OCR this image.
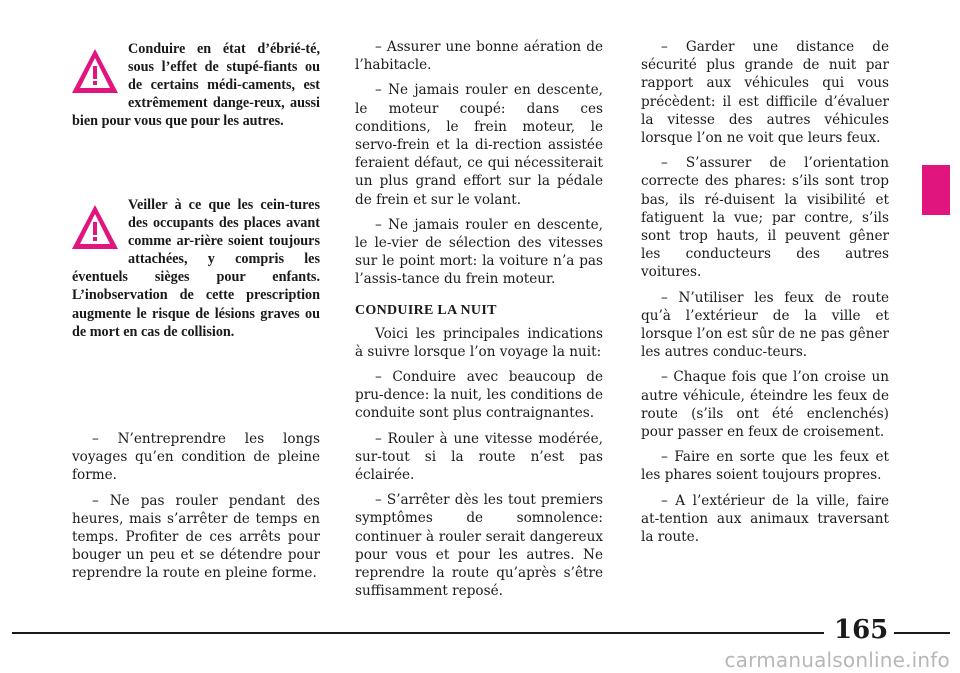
Conduire en état d’ébrié-té, sous l’effet de stupé-fiants ou de certains médi-caments, est extrêmement dange-reux, aussi bien pour vous que pour les autres.
Veiller à ce que les cein-tures des occupants des places avant comme ar-rière soient toujours attachées, y compris les éventuels sièges pour enfants. L’inobservation de cette prescription augmente le risque de lésions graves ou de mort en cas de collision.

– N’entreprendre les longs voyages qu’en condition de pleine forme.

– Ne pas rouler pendant des heures, mais s’arrêter de temps en temps. Profiter de ces arrêts pour bouger un peu et se détendre pour reprendre la route en pleine forme.

– Assurer une bonne aération de l’habitacle.

– Ne jamais rouler en descente, le moteur coupé: dans ces conditions, le frein moteur, le servo-frein et la di-rection assistée feraient défaut, ce qui nécessiterait un plus grand effort sur la pédale de frein et sur le volant.

– Ne jamais rouler en descente, le le-vier de sélection des vitesses sur le point mort: la voiture n’a pas l’assis-tance du frein moteur.

CONDUIRE LA NUIT

Voici les principales indications à suivre lorsque l’on voyage la nuit:

– Conduire avec beaucoup de pru-dence: la nuit, les conditions de conduite sont plus contraignantes.

– Rouler à une vitesse modérée, sur-tout si la route n’est pas éclairée.

– S’arrêter dès les tout premiers symptômes de somnolence: continuer à rouler serait dangereux pour vous et pour les autres. Ne reprendre la route qu’après s’être suffisamment reposé.

– Garder une distance de sécurité plus grande de nuit par rapport aux véhicules qui vous précèdent: il est difficile d’évaluer la vitesse des autres véhicules lorsque l’on ne voit que leurs feux.

– S’assurer de l’orientation correcte des phares: s’ils sont trop bas, ils ré-duisent la visibilité et fatiguent la vue; par contre, s’ils sont trop hauts, il peuvent gêner les conducteurs des autres voitures.

– N’utiliser les feux de route qu’à l’extérieur de la ville et lorsque l’on est sûr de ne pas gêner les autres conduc-teurs.

– Chaque fois que l’on croise un autre véhicule, éteindre les feux de route (s’ils ont été enclenchés) pour passer en feux de croisement.

– Faire en sorte que les feux et les phares soient toujours propres.

– A l’extérieur de la ville, faire at-tention aux animaux traversant la route.

165
carmanualsonline.info
